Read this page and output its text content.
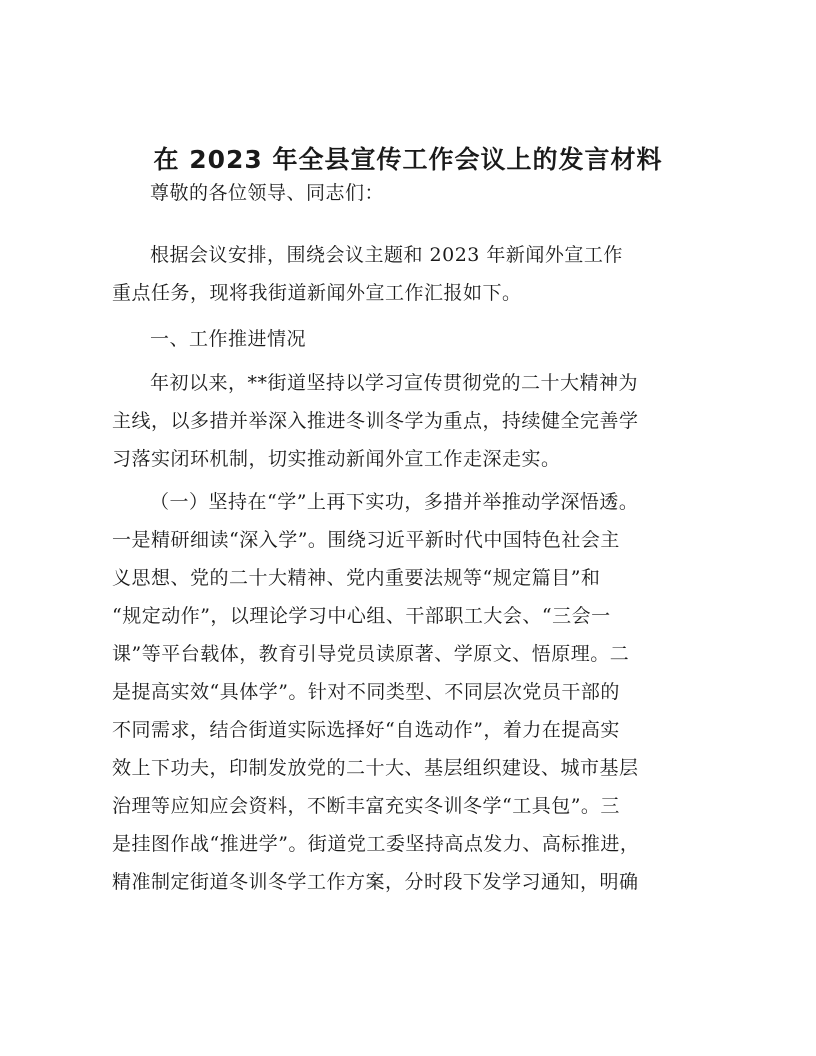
在 2023 年全县宣传工作会议上的发言材料

尊敬的各位领导、同志们：

根据会议安排，围绕会议主题和 2023 年新闻外宣工作
重点任务，现将我街道新闻外宣工作汇报如下。
一、工作推进情况
年初以来，**街道坚持以学习宣传贯彻党的二十大精神为
主线，以多措并举深入推进冬训冬学为重点，持续健全完善学
习落实闭环机制，切实推动新闻外宣工作走深走实。
（一）坚持在“学”上再下实功，多措并举推动学深悟透。
一是精研细读“深入学”。围绕习近平新时代中国特色社会主
义思想、党的二十大精神、党内重要法规等“规定篇目”和
“规定动作”，以理论学习中心组、干部职工大会、“三会一
课”等平台载体，教育引导党员读原著、学原文、悟原理。二
是提高实效“具体学”。针对不同类型、不同层次党员干部的
不同需求，结合街道实际选择好“自选动作”，着力在提高实
效上下功夫，印制发放党的二十大、基层组织建设、城市基层
治理等应知应会资料，不断丰富充实冬训冬学“工具包”。三
是挂图作战“推进学”。街道党工委坚持高点发力、高标推进，
精准制定街道冬训冬学工作方案，分时段下发学习通知，明确
